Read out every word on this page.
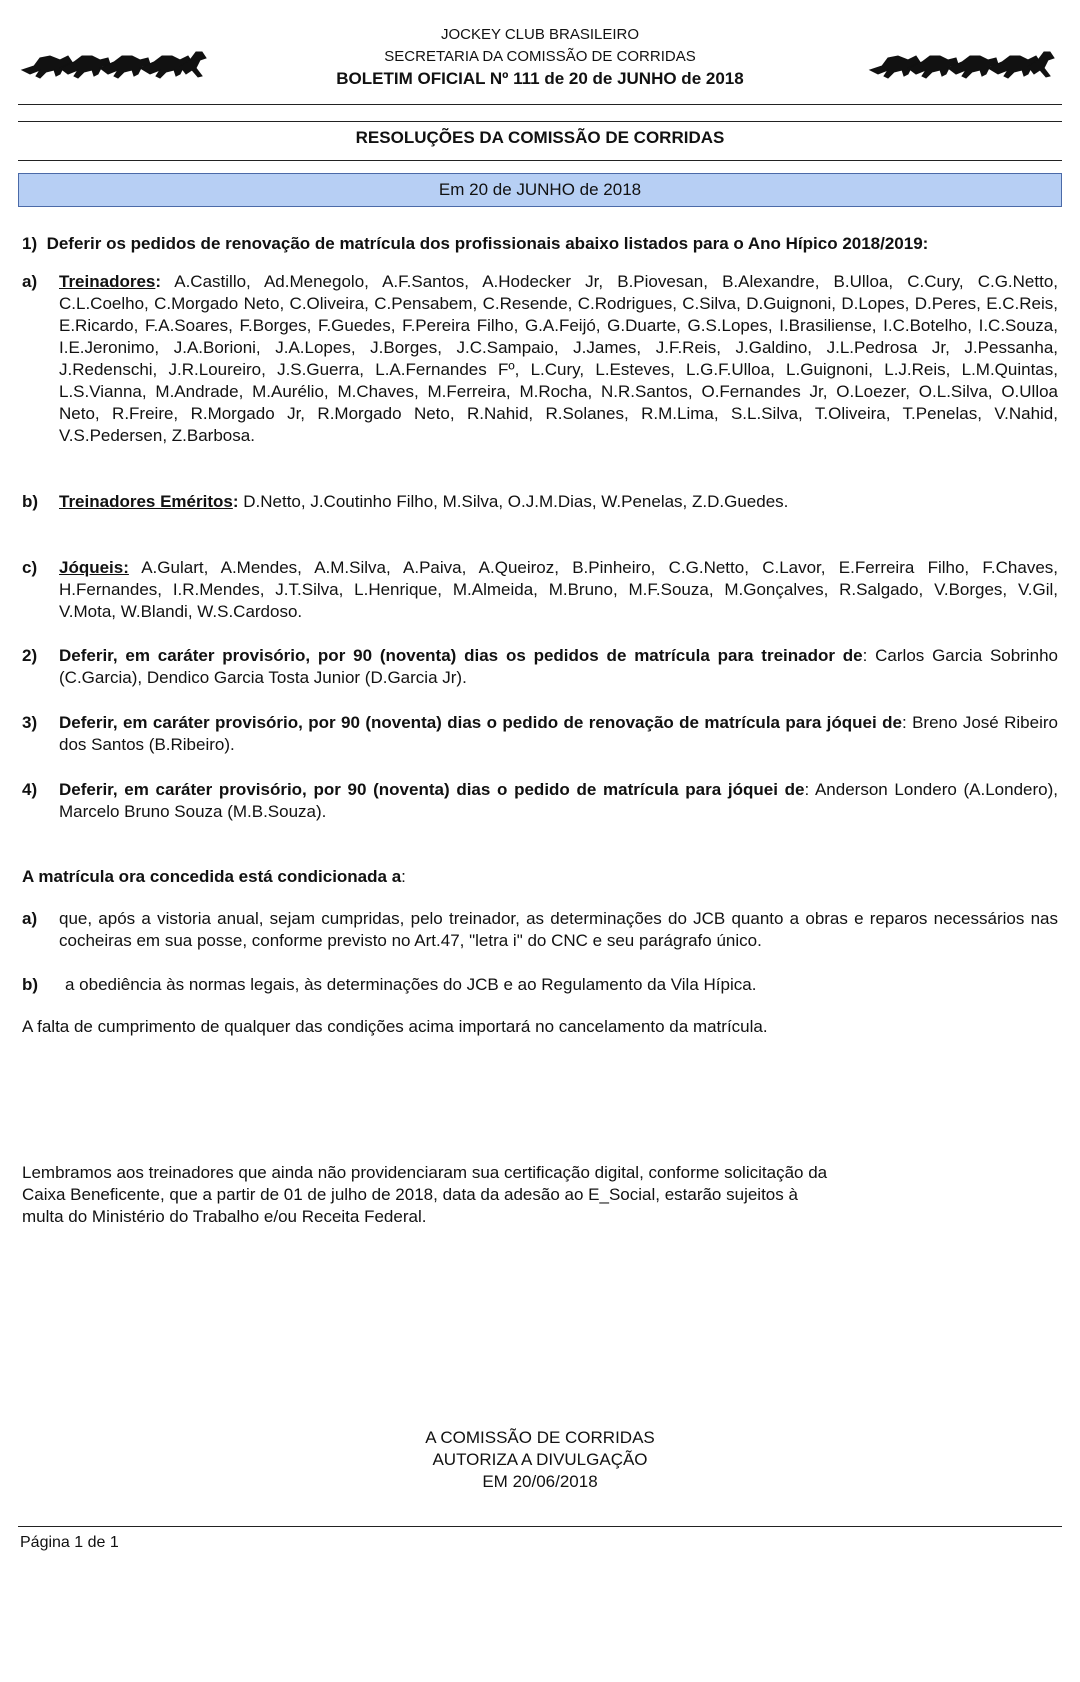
JOCKEY CLUB BRASILEIRO
SECRETARIA DA COMISSÃO DE CORRIDAS
BOLETIM OFICIAL Nº 111 de 20 de JUNHO de 2018
RESOLUÇÕES DA COMISSÃO DE CORRIDAS
Em 20 de JUNHO de 2018
1) Deferir os pedidos de renovação de matrícula dos profissionais abaixo listados para o Ano Hípico 2018/2019:
a) Treinadores: A.Castillo, Ad.Menegolo, A.F.Santos, A.Hodecker Jr, B.Piovesan, B.Alexandre, B.Ulloa, C.Cury, C.G.Netto, C.L.Coelho, C.Morgado Neto, C.Oliveira, C.Pensabem, C.Resende, C.Rodrigues, C.Silva, D.Guignoni, D.Lopes, D.Peres, E.C.Reis, E.Ricardo, F.A.Soares, F.Borges, F.Guedes, F.Pereira Filho, G.A.Feijó, G.Duarte, G.S.Lopes, I.Brasiliense, I.C.Botelho, I.C.Souza, I.E.Jeronimo, J.A.Borioni, J.A.Lopes, J.Borges, J.C.Sampaio, J.James, J.F.Reis, J.Galdino, J.L.Pedrosa Jr, J.Pessanha, J.Redenschi, J.R.Loureiro, J.S.Guerra, L.A.Fernandes Fº, L.Cury, L.Esteves, L.G.F.Ulloa, L.Guignoni, L.J.Reis, L.M.Quintas, L.S.Vianna, M.Andrade, M.Aurélio, M.Chaves, M.Ferreira, M.Rocha, N.R.Santos, O.Fernandes Jr, O.Loezer, O.L.Silva, O.Ulloa Neto, R.Freire, R.Morgado Jr, R.Morgado Neto, R.Nahid, R.Solanes, R.M.Lima, S.L.Silva, T.Oliveira, T.Penelas, V.Nahid, V.S.Pedersen, Z.Barbosa.
b) Treinadores Eméritos: D.Netto, J.Coutinho Filho, M.Silva, O.J.M.Dias, W.Penelas, Z.D.Guedes.
c) Jóqueis: A.Gulart, A.Mendes, A.M.Silva, A.Paiva, A.Queiroz, B.Pinheiro, C.G.Netto, C.Lavor, E.Ferreira Filho, F.Chaves, H.Fernandes, I.R.Mendes, J.T.Silva, L.Henrique, M.Almeida, M.Bruno, M.F.Souza, M.Gonçalves, R.Salgado, V.Borges, V.Gil, V.Mota, W.Blandi, W.S.Cardoso.
2) Deferir, em caráter provisório, por 90 (noventa) dias os pedidos de matrícula para treinador de: Carlos Garcia Sobrinho (C.Garcia), Dendico Garcia Tosta Junior (D.Garcia Jr).
3) Deferir, em caráter provisório, por 90 (noventa) dias o pedido de renovação de matrícula para jóquei de: Breno José Ribeiro dos Santos (B.Ribeiro).
4) Deferir, em caráter provisório, por 90 (noventa) dias o pedido de matrícula para jóquei de: Anderson Londero (A.Londero), Marcelo Bruno Souza (M.B.Souza).
A matrícula ora concedida está condicionada a:
a) que, após a vistoria anual, sejam cumpridas, pelo treinador, as determinações do JCB quanto a obras e reparos necessários nas cocheiras em sua posse, conforme previsto no Art.47, "letra i" do CNC e seu parágrafo único.
b) a obediência às normas legais, às determinações do JCB e ao Regulamento da Vila Hípica.
A falta de cumprimento de qualquer das condições acima importará no cancelamento da matrícula.
Lembramos aos treinadores que ainda não providenciaram sua certificação digital, conforme solicitação da
Caixa Beneficente, que a partir de 01 de julho de 2018, data da adesão ao E_Social, estarão sujeitos à
multa do Ministério do Trabalho e/ou Receita Federal.
A COMISSÃO DE CORRIDAS
AUTORIZA A DIVULGAÇÃO
EM 20/06/2018
Página 1 de 1
